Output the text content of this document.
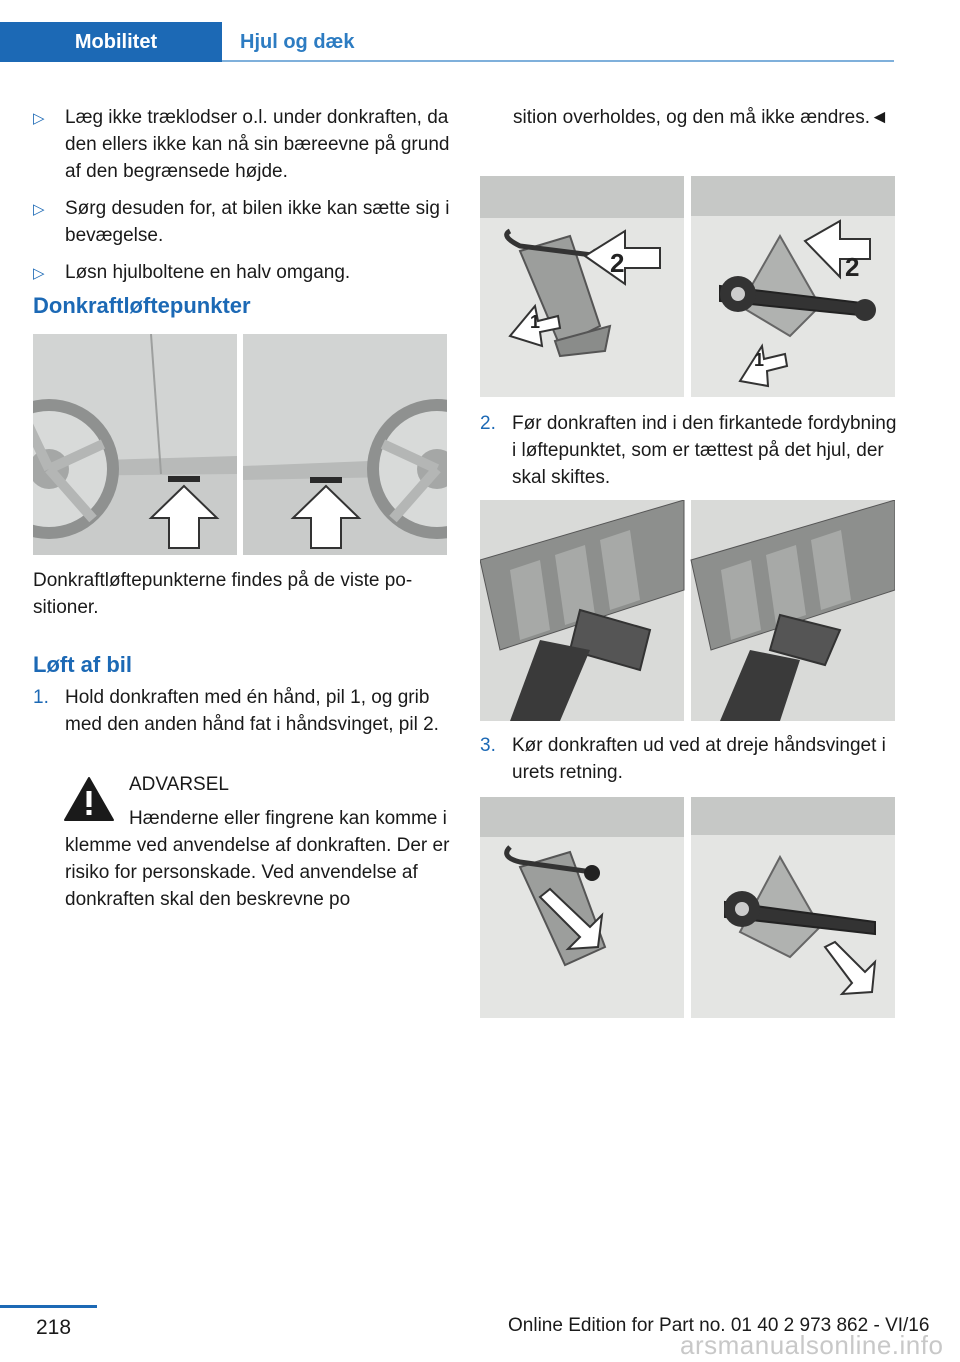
Mobilitet	Hjul og dæk
▷	Læg ikke træklodser o.l. under donkraften, da den ellers ikke kan nå sin bæreevne på grund af den begrænsede højde.
▷	Sørg desuden for, at bilen ikke kan sætte sig i bevægelse.
▷	Løsn hjulboltene en halv omgang.
Donkraftløftepunkter
Donkraftløftepunkterne findes på de viste positioner.
Løft af bil
1. Hold donkraften med én hånd, pil 1, og grib med den anden hånd fat i håndsvinget, pil 2.
ADVARSEL
Hænderne eller fingrene kan komme i klemme ved anvendelse af donkraften. Der er risiko for personskade. Ved anvendelse af donkraften skal den beskrevne po
sition overholdes, og den må ikke ændres.◄
2
1
2
1
2. Før donkraften ind i den firkantede fordybning i løftepunktet, som er tættest på det hjul, der skal skiftes.
3. Kør donkraften ud ved at dreje håndsvinget i urets retning.
218	Online Edition for Part no. 01 40 2 973 862 - VI/16
arsmanualsonline.info
